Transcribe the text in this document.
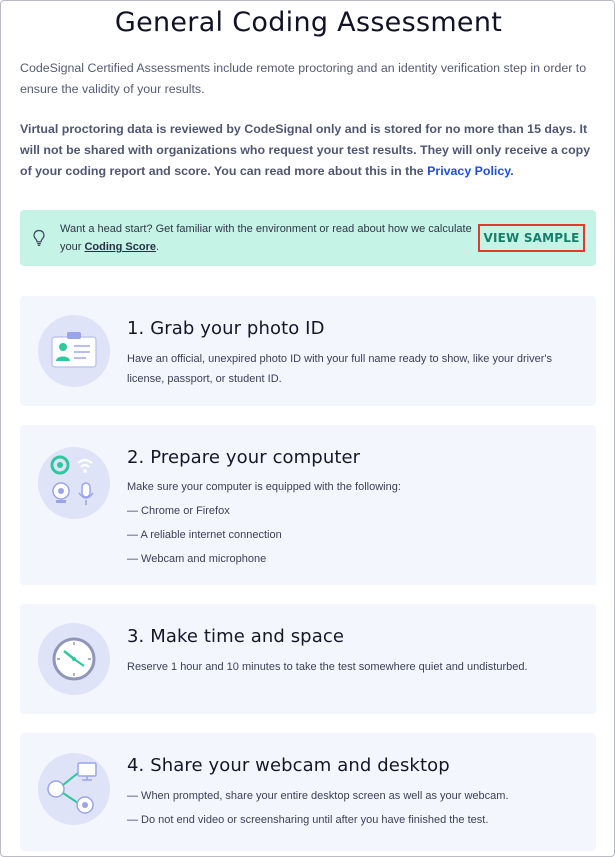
General Coding Assessment

CodeSignal Certified Assessments include remote proctoring and an identity verification step in order to ensure the validity of your results.

Virtual proctoring data is reviewed by CodeSignal only and is stored for no more than 15 days. It will not be shared with organizations who request your test results. They will only receive a copy of your coding report and score. You can read more about this in the Privacy Policy.

Want a head start? Get familiar with the environment or read about how we calculate your Coding Score.
VIEW SAMPLE
1. Grab your photo ID
Have an official, unexpired photo ID with your full name ready to show, like your driver's license, passport, or student ID.
2. Prepare your computer
Make sure your computer is equipped with the following:
— Chrome or Firefox
— A reliable internet connection
— Webcam and microphone
3. Make time and space
Reserve 1 hour and 10 minutes to take the test somewhere quiet and undisturbed.
4. Share your webcam and desktop
— When prompted, share your entire desktop screen as well as your webcam.
— Do not end video or screensharing until after you have finished the test.
